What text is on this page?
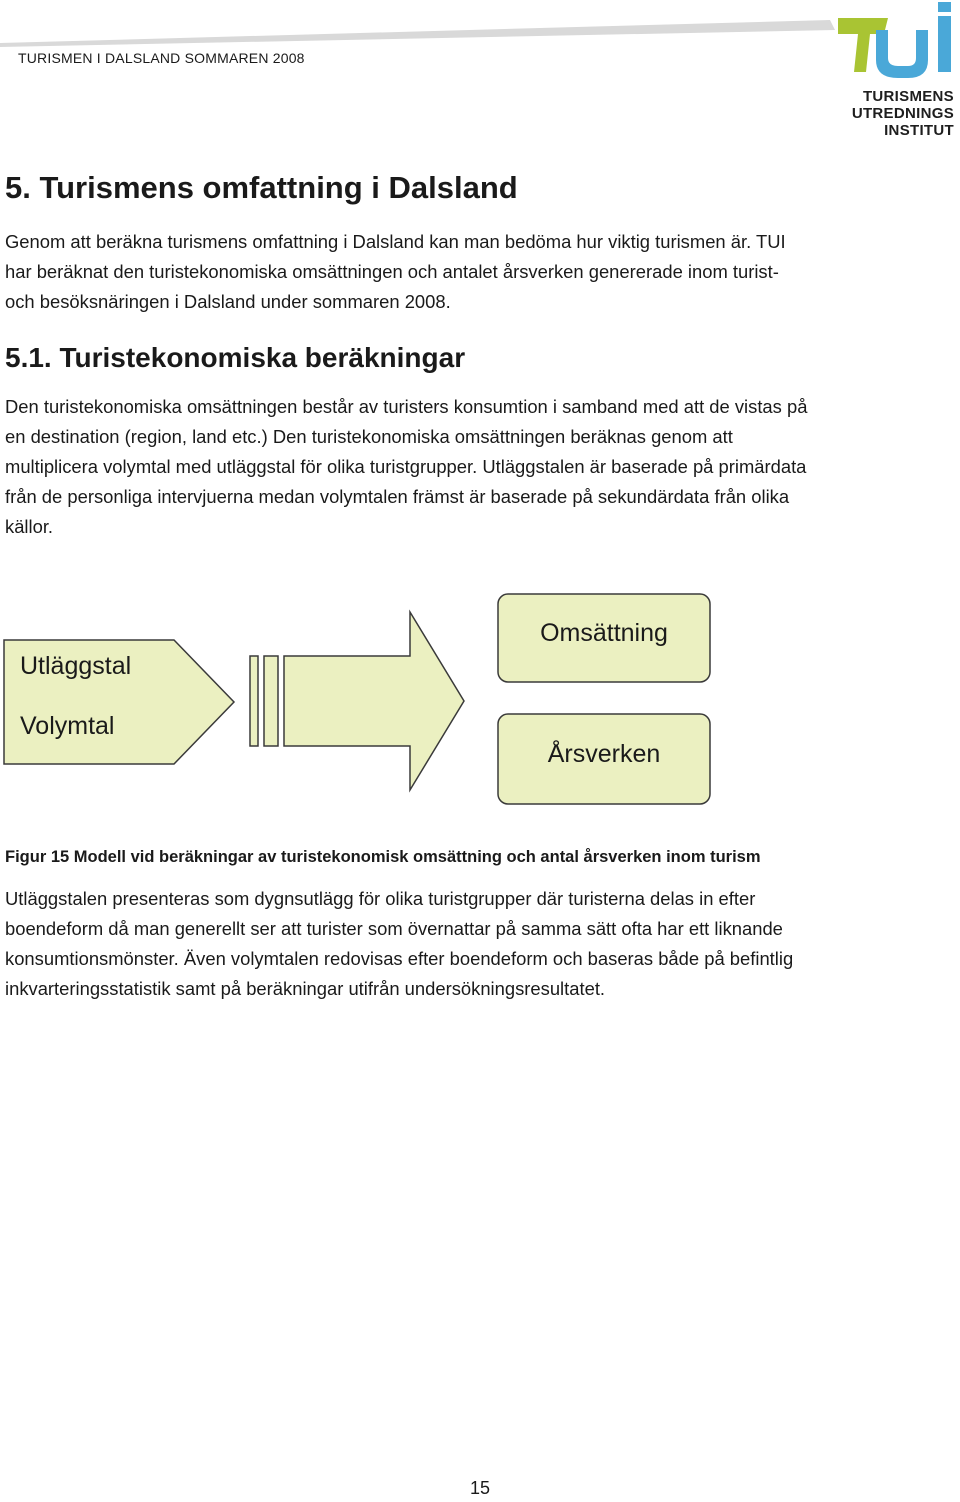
TURISMEN I DALSLAND SOMMAREN 2008
TURISMENS
UTREDNINGS
INSTITUT
5. Turismens omfattning i Dalsland
Genom att beräkna turismens omfattning i Dalsland kan man bedöma hur viktig turismen är. TUI
har beräknat den turistekonomiska omsättningen och antalet årsverken genererade inom turist-
och besöksnäringen i Dalsland under sommaren 2008.
5.1. Turistekonomiska beräkningar
Den turistekonomiska omsättningen består av turisters konsumtion i samband med att de vistas på
en destination (region, land etc.) Den turistekonomiska omsättningen beräknas genom att
multiplicera volymtal med utläggstal för olika turistgrupper. Utläggstalen är baserade på primärdata
från de personliga intervjuerna medan volymtalen främst är baserade på sekundärdata från olika
källor.
Utläggstal
Volymtal
Omsättning
Årsverken
Figur 15 Modell vid beräkningar av turistekonomisk omsättning och antal årsverken inom turism
Utläggstalen presenteras som dygnsutlägg för olika turistgrupper där turisterna delas in efter
boendeform då man generellt ser att turister som övernattar på samma sätt ofta har ett liknande
konsumtionsmönster. Även volymtalen redovisas efter boendeform och baseras både på befintlig
inkvarteringsstatistik samt på beräkningar utifrån undersökningsresultatet.
15
